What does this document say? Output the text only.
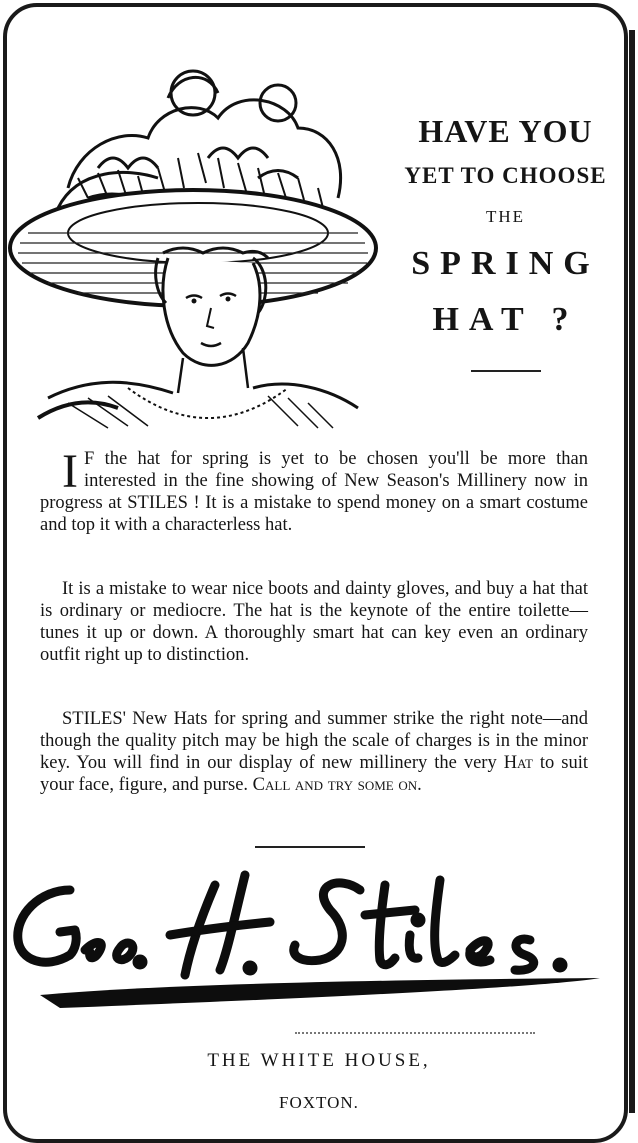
HAVE YOU
YET TO CHOOSE
THE
SPRING
HAT ?
I F the hat for spring is yet to be chosen you'll be more than interested in the fine showing of New Season's Millinery now in progress at STILES ! It is a mistake to spend money on a smart costume and top it with a characterless hat.
It is a mistake to wear nice boots and dainty gloves, and buy a hat that is ordinary or mediocre. The hat is the keynote of the entire toilette—tunes it up or down. A thoroughly smart hat can key even an ordinary outfit right up to distinction.
STILES' New Hats for spring and summer strike the right note—and though the quality pitch may be high the scale of charges is in the minor key. You will find in our display of new millinery the very Hat to suit your face, figure, and purse. Call and try some on.
THE WHITE HOUSE,
FOXTON.
